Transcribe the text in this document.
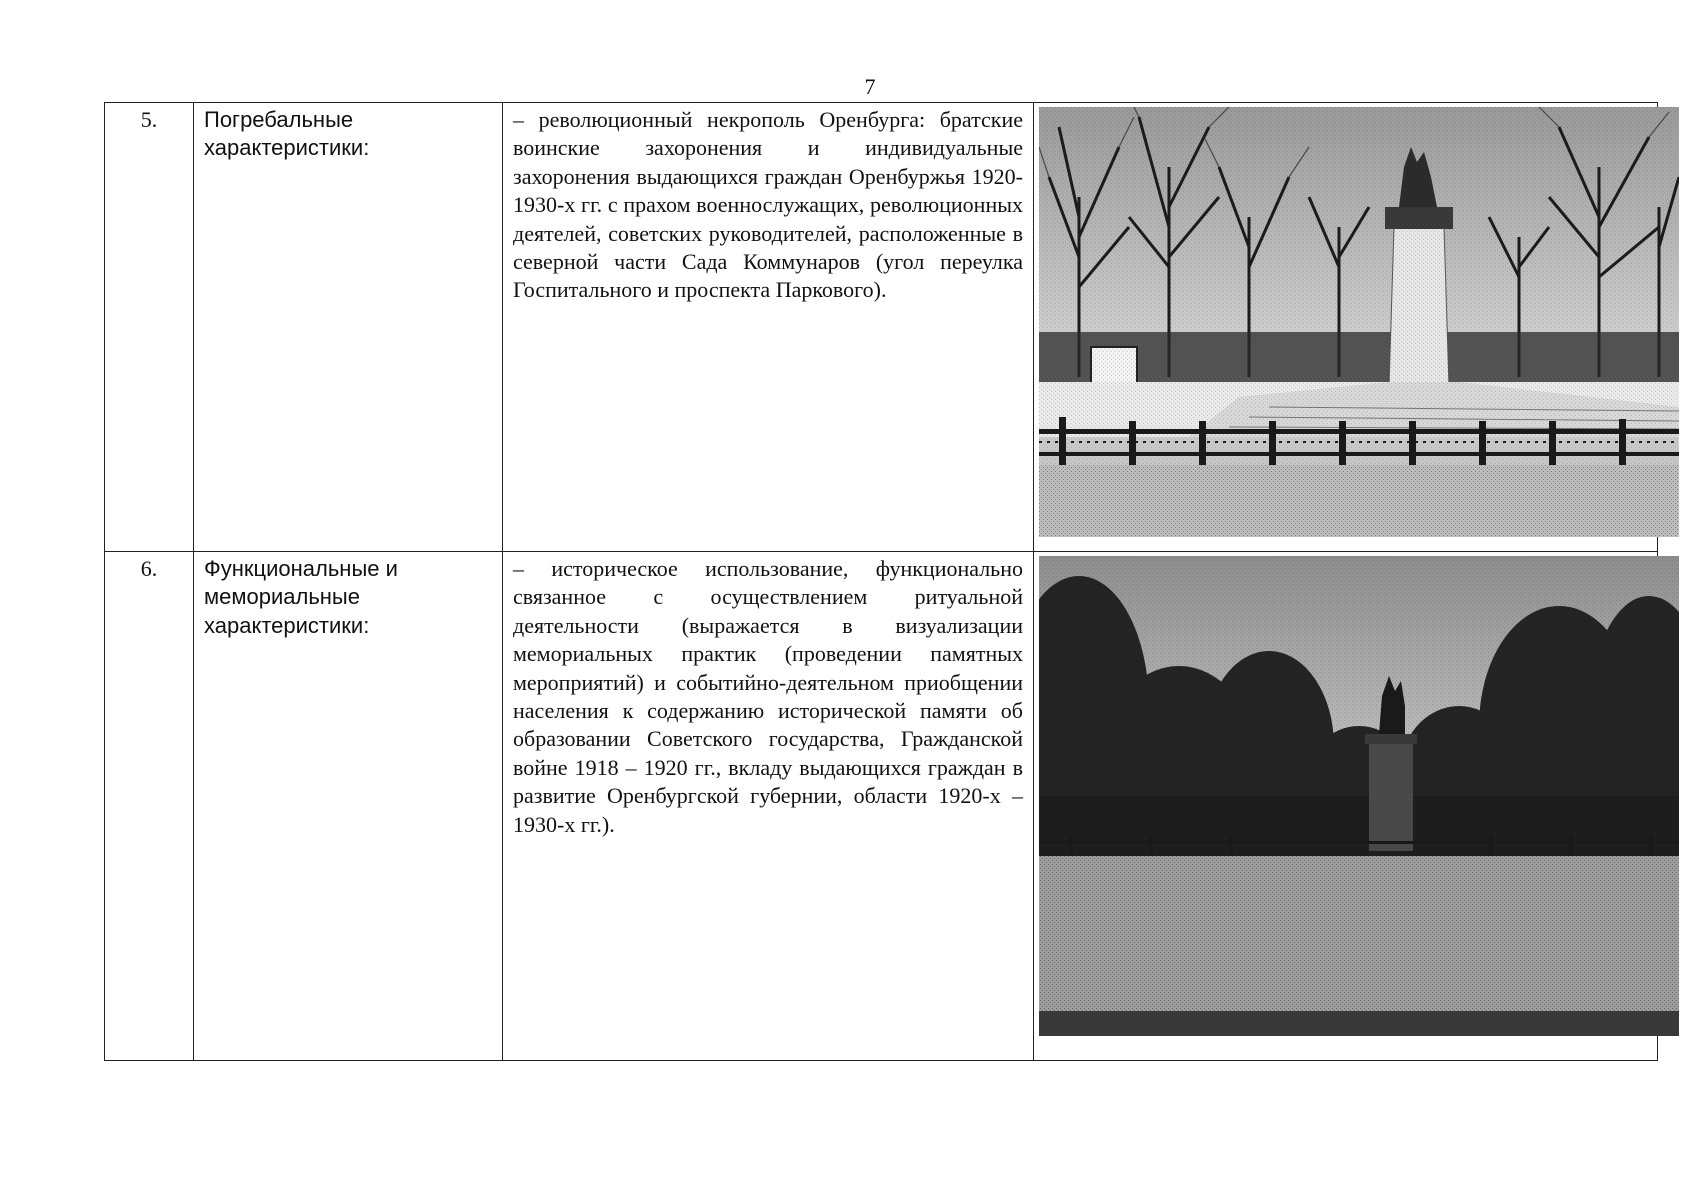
7
5.	Погребальные характеристики:	– революционный некрополь Оренбурга: братские воинские захоронения и индивидуальные захоронения выдающихся граждан Оренбуржья 1920-1930-х гг. с прахом военнослужащих, революционных деятелей, советских руководителей, расположенные в северной части Сада Коммунаров (угол переулка Госпитального и проспекта Паркового).	

6.	Функциональные и мемориальные характеристики:	– историческое использование, функционально связанное с осуществлением ритуальной деятельности (выражается в визуализации мемориальных практик (проведении памятных мероприятий) и событийно-деятельном приобщении населения к содержанию исторической памяти об образовании Советского государства, Гражданской войне 1918 – 1920 гг., вкладу выдающихся граждан в развитие Оренбургской губернии, области 1920-х – 1930-х гг.).	
